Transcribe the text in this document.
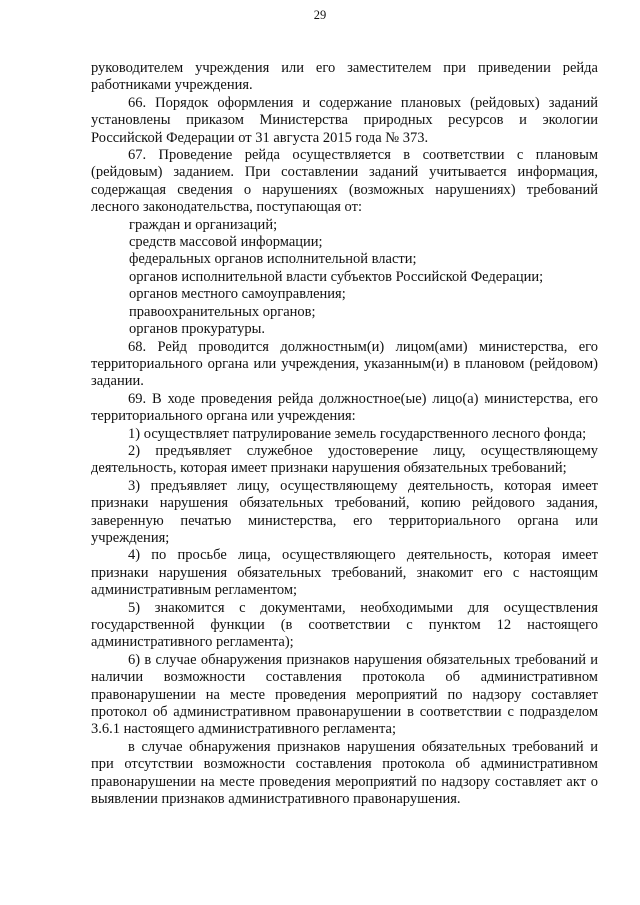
29

руководителем учреждения или его заместителем при приведении рейда работниками учреждения.

66. Порядок оформления и содержание плановых (рейдовых) заданий установлены приказом Министерства природных ресурсов и экологии Российской Федерации от 31 августа 2015 года № 373.

67. Проведение рейда осуществляется в соответствии с плановым (рейдовым) заданием. При составлении заданий учитывается информация, содержащая сведения о нарушениях (возможных нарушениях) требований лесного законодательства, поступающая от:

граждан и организаций;

средств массовой информации;

федеральных органов исполнительной власти;

органов исполнительной власти субъектов Российской Федерации;

органов местного самоуправления;

правоохранительных органов;

органов прокуратуры.

68. Рейд проводится должностным(и) лицом(ами) министерства, его территориального органа или учреждения, указанным(и) в плановом (рейдовом) задании.

69. В ходе проведения рейда должностное(ые) лицо(а) министерства, его территориального органа или учреждения:

1) осуществляет патрулирование земель государственного лесного фонда;

2) предъявляет служебное удостоверение лицу, осуществляющему деятельность, которая имеет признаки нарушения обязательных требований;

3) предъявляет лицу, осуществляющему деятельность, которая имеет признаки нарушения обязательных требований, копию рейдового задания, заверенную печатью министерства, его территориального органа или учреждения;

4) по просьбе лица, осуществляющего деятельность, которая имеет признаки нарушения обязательных требований, знакомит его с настоящим административным регламентом;

5) знакомится с документами, необходимыми для осуществления государственной функции (в соответствии с пунктом 12 настоящего административного регламента);

6) в случае обнаружения признаков нарушения обязательных требований и наличии возможности составления протокола об административном правонарушении на месте проведения мероприятий по надзору составляет протокол об административном правонарушении в соответствии с подразделом 3.6.1 настоящего административного регламента;

в случае обнаружения признаков нарушения обязательных требований и при отсутствии возможности составления протокола об административном правонарушении на месте проведения мероприятий по надзору составляет акт о выявлении признаков административного правонарушения.
